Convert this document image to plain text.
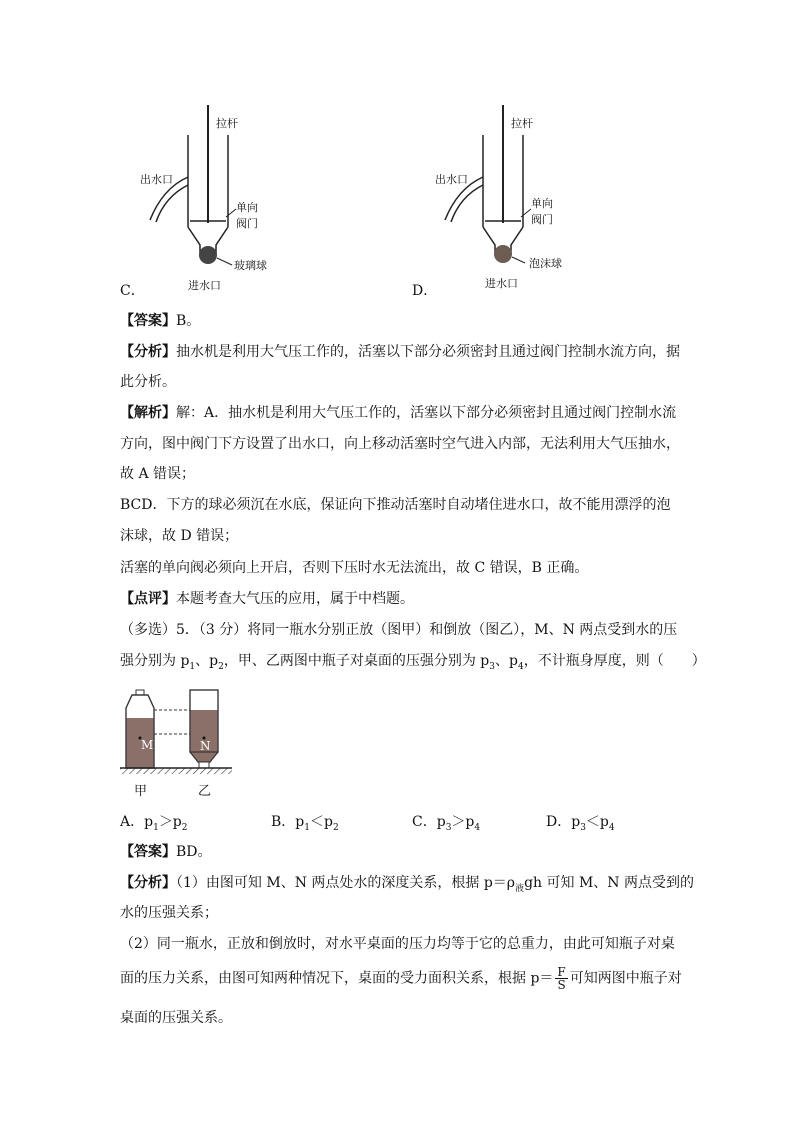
拉杆
出水口
单向
阀门
玻璃球
进水口
C．
拉杆
出水口
单向
阀门
泡沫球
进水口
D．
【答案】B。
【分析】抽水机是利用大气压工作的，活塞以下部分必须密封且通过阀门控制水流方向，据
此分析。
【解析】解：A．抽水机是利用大气压工作的，活塞以下部分必须密封且通过阀门控制水流
方向，图中阀门下方设置了出水口，向上移动活塞时空气进入内部，无法利用大气压抽水，
故 A 错误；
BCD．下方的球必须沉在水底，保证向下推动活塞时自动堵住进水口，故不能用漂浮的泡
沫球，故 D 错误；
活塞的单向阀必须向上开启，否则下压时水无法流出，故 C 错误，B 正确。
【点评】本题考查大气压的应用，属于中档题。
（多选）5．（3 分）将同一瓶水分别正放（图甲）和倒放（图乙），M、N 两点受到水的压
强分别为 $p_1$、$p_2$，甲、乙两图中瓶子对桌面的压强分别为 $p_3$、$p_4$，不计瓶身厚度，则（　　）
M	N
甲	乙
A．$p_1>p_2$	B．$p_1<p_2$	C．$p_3>p_4$	D．$p_3<p_4$
【答案】BD。
【分析】（1）由图可知 M、N 两点处水的深度关系，根据 $p=\rho_液gh$ 可知 M、N 两点受到的
水的压强关系；
（2）同一瓶水，正放和倒放时，对水平桌面的压力均等于它的总重力，由此可知瓶子对桌
面的压力关系，由图可知两种情况下，桌面的受力面积关系，根据 $p= \frac{F}{S}$ 可知两图中瓶子对
桌面的压强关系。
